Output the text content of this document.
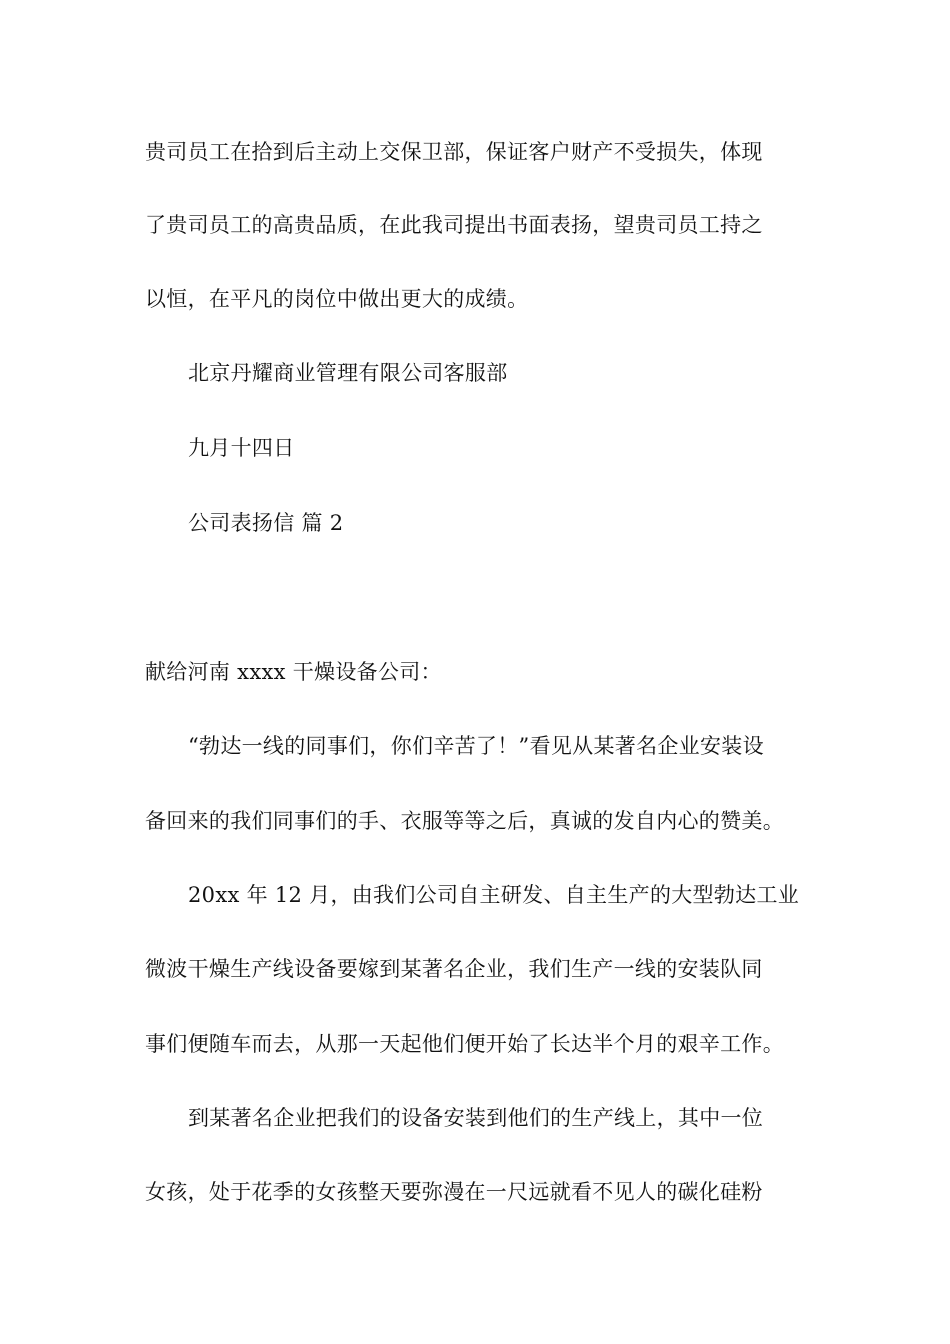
贵司员工在拾到后主动上交保卫部，保证客户财产不受损失，体现
了贵司员工的高贵品质，在此我司提出书面表扬，望贵司员工持之
以恒，在平凡的岗位中做出更大的成绩。
北京丹耀商业管理有限公司客服部
九月十四日
公司表扬信 篇 2
献给河南 xxxx 干燥设备公司：
“勃达一线的同事们，你们辛苦了！”看见从某著名企业安装设
备回来的我们同事们的手、衣服等等之后，真诚的发自内心的赞美。
20xx 年 12 月，由我们公司自主研发、自主生产的大型勃达工业
微波干燥生产线设备要嫁到某著名企业，我们生产一线的安装队同
事们便随车而去，从那一天起他们便开始了长达半个月的艰辛工作。
到某著名企业把我们的设备安装到他们的生产线上，其中一位
女孩，处于花季的女孩整天要弥漫在一尺远就看不见人的碳化硅粉
